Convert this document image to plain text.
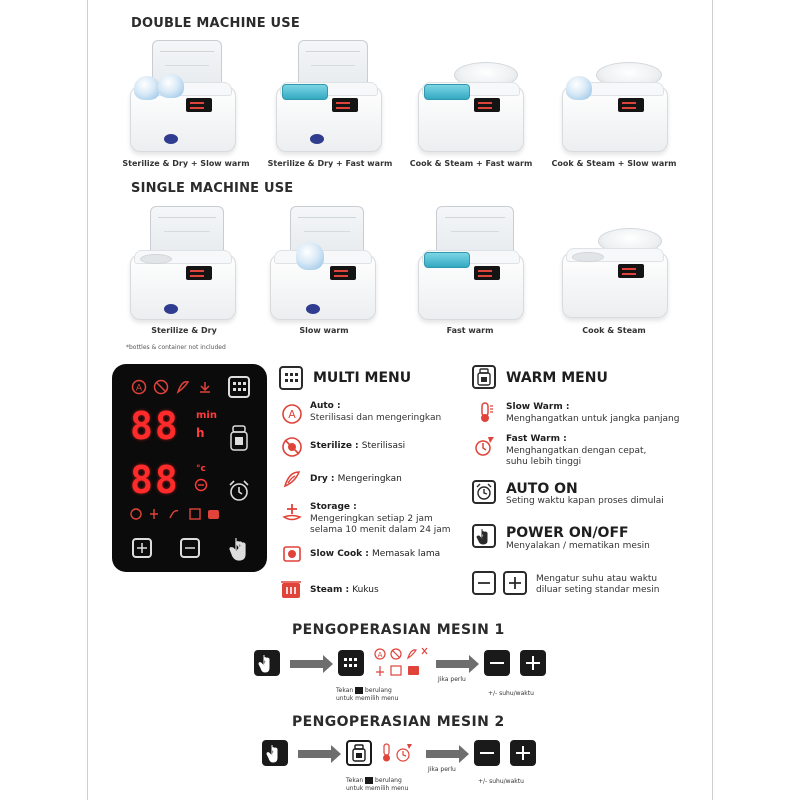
DOUBLE MACHINE USE
Sterilize & Dry + Slow warm	Sterilize & Dry + Fast warm	Cook & Steam + Fast warm	Cook & Steam + Slow warm
SINGLE MACHINE USE
Sterilize & Dry	Slow warm	Fast warm	Cook & Steam
*bottles & container not included
A
88 min
h
88 °c
MULTI MENU
A
Auto :
Sterilisasi dan mengeringkan
Sterilize : Sterilisasi
Dry : Mengeringkan
Storage :
Mengeringkan setiap 2 jam
selama 10 menit dalam 24 jam
Slow Cook : Memasak lama
Steam : Kukus
WARM MENU
Slow Warm :
Menghangatkan untuk jangka panjang
Fast Warm :
Menghangatkan dengan cepat,
suhu lebih tinggi
AUTO ON
Seting waktu kapan proses dimulai
POWER ON/OFF
Menyalakan / mematikan mesin
Mengatur suhu atau waktu
diluar seting standar mesin
PENGOPERASIAN MESIN 1
A
Tekan berulang
untuk memilih menu
Jika perlu
+/- suhu/waktu
PENGOPERASIAN MESIN 2
Tekan berulang
untuk memilih menu
Jika perlu
+/- suhu/waktu
